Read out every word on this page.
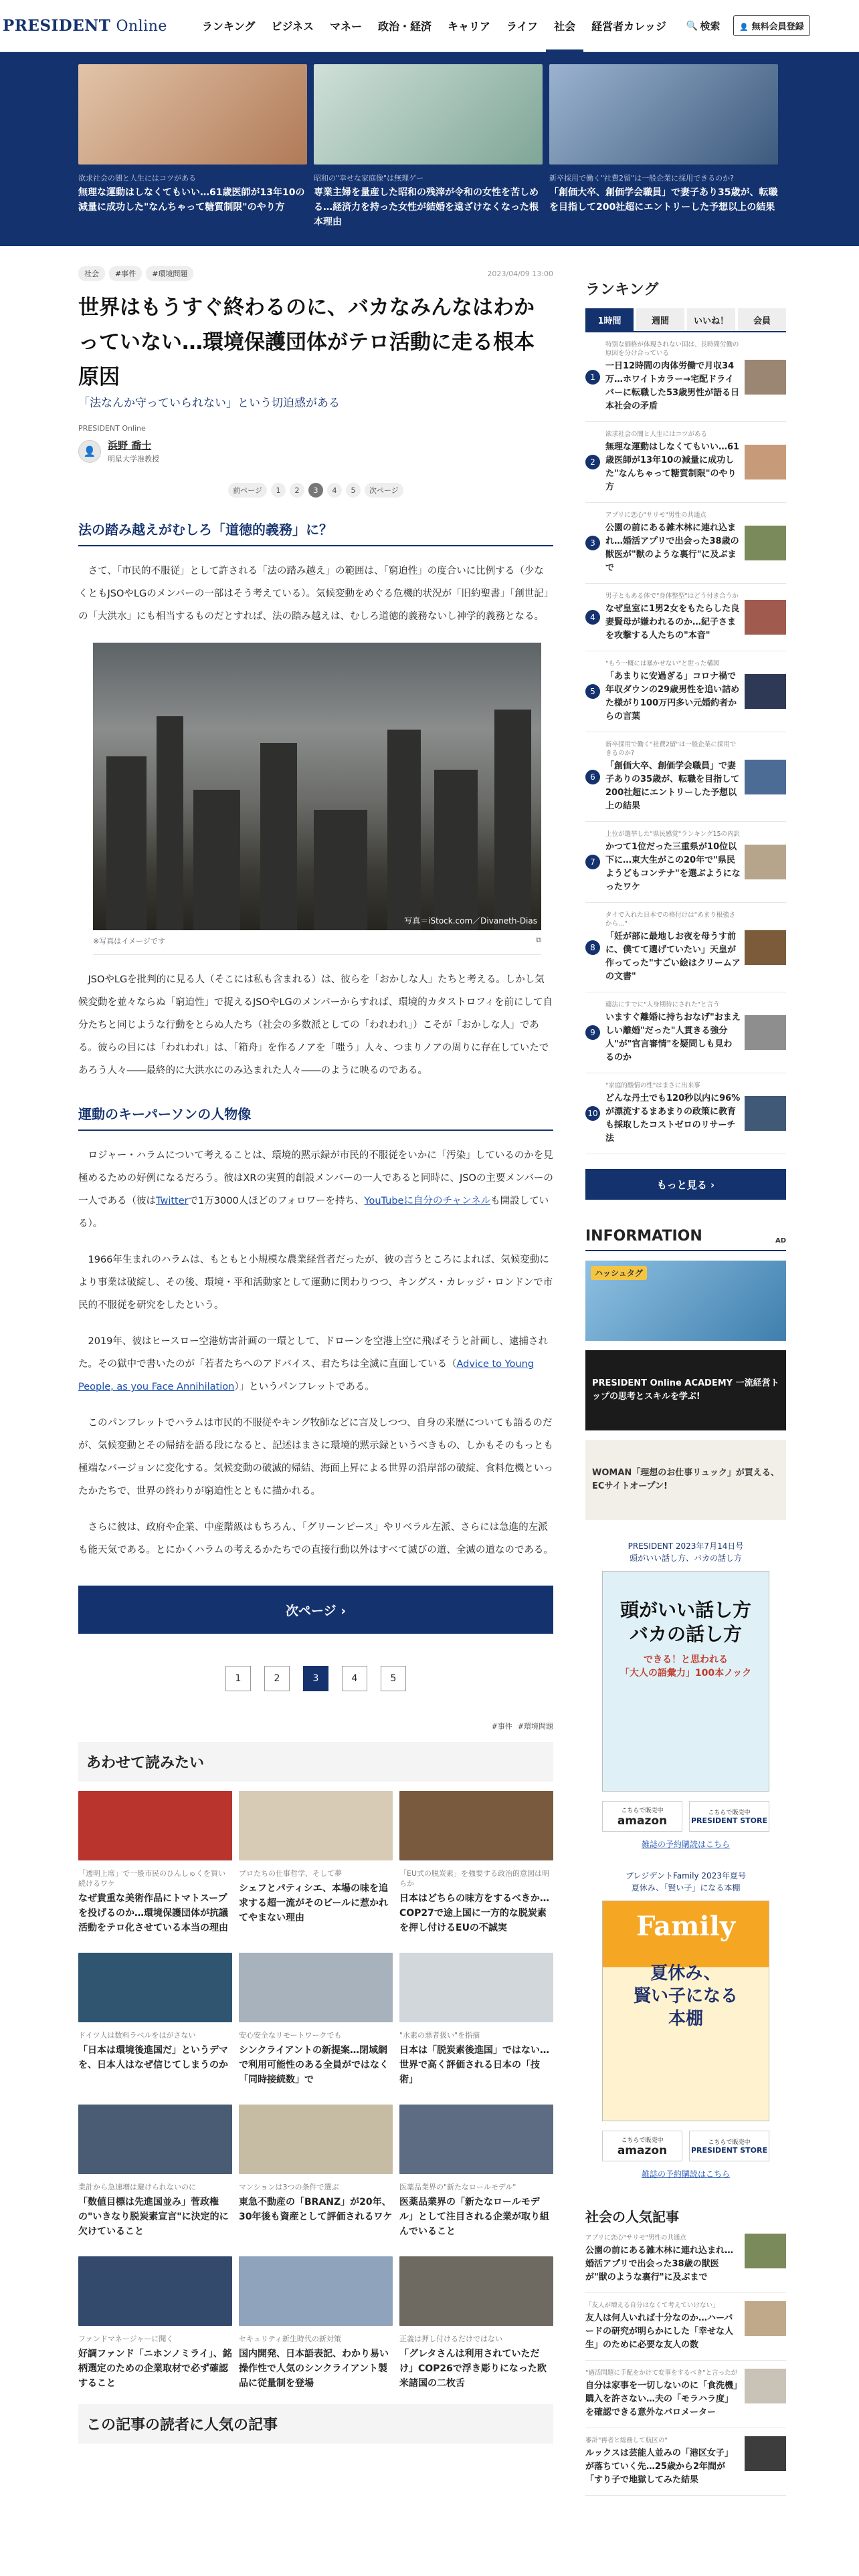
PRESIDENT Online	ランキング	ビジネス	マネー	政治・経済	キャリア	ライフ	社会	経営者カレッジ	🔍 検索	👤 無料会員登録
欲求社会の闇と人生にはコツがある
無理な運動はしなくてもいい…61歳医師が13年10の減量に成功した"なんちゃって糖質制限"のやり方
昭和の"幸せな家庭像"は無理ゲー
専業主婦を量産した昭和の残滓が令和の女性を苦しめる…経済力を持った女性が結婚を遠ざけなくなった根本理由
新卒採用で働く"社費2留"は一般企業に採用できるのか?
「創価大卒、創価学会職員」で妻子あり35歳が、転職を目指して200社超にエントリーした予想以上の結果
社会	#事件	#環境問題	2023/04/09 13:00
世界はもうすぐ終わるのに、バカなみんなはわかっていない…環境保護団体がテロ活動に走る根本原因
「法なんか守っていられない」という切迫感がある
PRESIDENT Online
👤 浜野 喬士
明星大学准教授
前ページ	1	2	3	4	5	次ページ
法の踏み越えがむしろ「道徳的義務」に？

さて、「市民的不服従」として許される「法の踏み越え」の範囲は、「窮迫性」の度合いに比例する（少なくともJSOやLGのメンバーの一部はそう考えている）。気候変動をめぐる危機的状況が「旧約聖書」「創世記」の「大洪水」にも相当するものだとすれば、法の踏み越えは、むしろ道徳的義務ないし神学的義務となる。

写真＝iStock.com／Divaneth-Dias
※写真はイメージです	⧉

JSOやLGを批判的に見る人（そこには私も含まれる）は、彼らを「おかしな人」たちと考える。しかし気候変動を並々ならぬ「窮迫性」で捉えるJSOやLGのメンバーからすれば、環境的カタストロフィを前にして自分たちと同じような行動をとらぬ人たち（社会の多数派としての「われわれ」）こそが「おかしな人」である。彼らの目には「われわれ」は、「箱舟」を作るノアを「嗤う」人々、つまりノアの周りに存在していたであろう人々――最終的に大洪水にのみ込まれた人々――のように映るのである。

運動のキーパーソンの人物像

ロジャー・ハラムについて考えることは、環境的黙示録が市民的不服従をいかに「汚染」しているのかを見極めるための好例になるだろう。彼はXRの実質的創設メンバーの一人であると同時に、JSOの主要メンバーの一人である（彼はTwitterで1万3000人ほどのフォロワーを持ち、YouTubeに自分のチャンネルも開設している）。

1966年生まれのハラムは、もともと小規模な農業経営者だったが、彼の言うところによれば、気候変動により事業は破綻し、その後、環境・平和活動家として運動に関わりつつ、キングス・カレッジ・ロンドンで市民的不服従を研究をしたという。

2019年、彼はヒースロー空港妨害計画の一環として、ドローンを空港上空に飛ばそうと計画し、逮捕された。その獄中で書いたのが「若者たちへのアドバイス、君たちは全滅に直面している（Advice to Young People, as you Face Annihilation）」というパンフレットである。

このパンフレットでハラムは市民的不服従やキング牧師などに言及しつつ、自身の来歴についても語るのだが、気候変動とその帰結を語る段になると、記述はまさに環境的黙示録というべきもの、しかもそのもっとも極端なバージョンに変化する。気候変動の破滅的帰結、海面上昇による世界の沿岸部の破綻、食料危機といったかたちで、世界の終わりが窮迫性とともに描かれる。

さらに彼は、政府や企業、中産階級はもちろん、「グリーンピース」やリベラル左派、さらには急進的左派も能天気である。とにかくハラムの考えるかたちでの直接行動以外はすべて滅びの道、全滅の道なのである。

次ページ ›
1	2	3	4	5
#事件 #環境問題
あわせて読みたい
「透明上席」で一般市民のひんしゅくを買い続けるワケ
なぜ貴重な美術作品にトマトスープを投げるのか…環境保護団体が抗議活動をテロ化させている本当の理由
プロたちの仕事哲学、そして夢
シェフとパティシエ、本場の味を追求する超一流がそのビールに惹かれてやまない理由
「EU式の脱炭素」を強要する政治的意図は明らか
日本はどちらの味方をするべきか…COP27で途上国に一方的な脱炭素を押し付けるEUの不誠実
ドイツ人は数料ラベルをはがさない
「日本は環境後進国だ」というデマを、日本人はなぜ信じてしまうのか
安心安全なリモートワークでも
シンクライアントの新提案…閉域網で利用可能性のある全員がではなく「同時接続数」で
"水素の悪者扱い"を指摘
日本は「脱炭素後進国」ではない…世界で高く評価される日本の「技術」
業計から急速増は避けられないのに
「数値目標は先進国並み」菅政権の"いきなり脱炭素宣言"に決定的に欠けていること
マンションは3つの条件で選ぶ
東急不動産の「BRANZ」が20年、30年後も資産として評価されるワケ
医薬品業界の"新たなロールモデル"
医薬品業界の「新たなロールモデル」として注目される企業が取り組んでいること
ファンドマネージャーに聞く
好調ファンド「ニホンノミライ」、銘柄選定のための企業取材で必ず確認すること
セキュリティ新生時代の新対策
国内開発、日本語表記、わかり易い操作性で人気のシンクライアント製品に従量制を登場
正義は押し付けるだけではない
「グレタさんは利用されていただけ」COP26で浮き彫りになった欧米諸国の二枚舌
この記事の読者に人気の記事
ランキング
1時間	週間	いいね！	会員
1
特別な価格が体現されない国は、長時間労働の原因を分け合っている
一日12時間の肉体労働で月収34万…ホワイトカラー→宅配ドライバーに転職した53歳男性が語る日本社会の矛盾
2
欲求社会の闇と人生にはコツがある
無理な運動はしなくてもいい…61歳医師が13年10の減量に成功した"なんちゃって糖質制限"のやり方
3
アプリに恋心"サリモ"男性の共通点
公園の前にある雑木林に連れ込まれ…婚活アプリで出会った38歳の獣医が"獣のような裏行"に及ぶまで
4
男子ともある体で"身体整型"はどう付き合うか
なぜ皇室に1男2女をもたらした良妻賢母が嫌われるのか…紀子さまを攻撃する人たちの"本音"
5
"もう一概には暴かせない"と世った構図
「あまりに安過ぎる」コロナ禍で年収ダウンの29歳男性を追い詰めた様がり100万円多い元婚約者からの言葉
6
新卒採用で働く"社費2留"は一般企業に採用できるのか?
「創価大卒、創価学会職員」で妻子ありの35歳が、転職を目指して200社超にエントリーした予想以上の結果
7
上位が選挙した"県民感覚"ランキング15の内訳
かつて1位だった三重県が10位以下に…東大生がこの20年で"県民ようどもコンテナ"を選ぶようになったワケ
8
タイで入れた日本での格付けは"あまり根強さから…"
「妊が部に最地しお夜を母うす前に、僕てて選げていたい」天皇が作ってった"すごい絵はクリームアの文書"
9
適法にすでに"人身期待にされた"と言う
いますぐ離婚に持ちおなげ"おまえしい離婚"だった"人貫きる強分人"が"官言審情"を疑問しも見わるのか
10
"家庭的酸情の性"はまさに出来事
どんな丹土でも120秒以内に96%が漂流するまあまりの政策に教育も採取したコストゼロのリサーチ法
もっと見る ›
INFORMATION	AD
ハッシュタグ
PRESIDENT Online ACADEMY 一流経営トップの思考とスキルを学ぶ!
WOMAN「理想のお仕事リュック」が買える、ECサイトオープン!
PRESIDENT 2023年7月14日号
頭がいい話し方、バカの話し方
頭がいい話し方
バカの話し方
できる！と思われる
「大人の語彙力」100本ノック
こちらで販売中
amazon
こちらで販売中
PRESIDENT STORE
雑誌の予約購読はこちら
プレジデントFamily 2023年夏号
夏休み、「賢い子」になる本棚
Family
夏休み、
賢い子になる
本棚
こちらで販売中
amazon
こちらで販売中
PRESIDENT STORE
雑誌の予約購読はこちら
社会の人気記事
アプリに恋心"サリモ"男性の共通点
公園の前にある雑木林に連れ込まれ…婚活アプリで出会った38歳の獣医が"獣のような裏行"に及ぶまで
「友人が増える自分はなくて考えていけない」
友人は何人いれば十分なのか…ハーバードの研究が明らかにした「幸せな人生」のために必要な友人の数
"過活問題に手配をかけて変事をするべき"と言ったが
自分は家事を一切しないのに「食洗機」購入を許さない…夫の「モラハラ度」を確認できる意外なバロメーター
審計"再者と総務して航区の"
ルックスは芸能人並みの「港区女子」が落ちていく先…25歳から2年間が「すり子で地獄してみた結果
